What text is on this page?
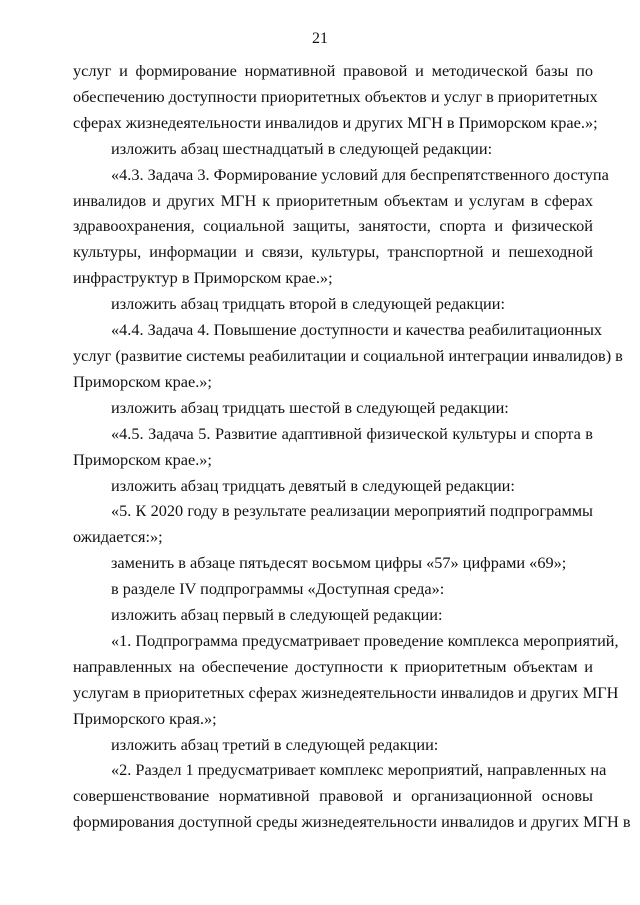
21
услуг и формирование нормативной правовой и методической базы по
обеспечению доступности приоритетных объектов и услуг в приоритетных
сферах жизнедеятельности инвалидов и других МГН в Приморском крае.»;
изложить абзац шестнадцатый в следующей редакции:
«4.3. Задача 3. Формирование условий для беспрепятственного доступа
инвалидов и других МГН к приоритетным объектам и услугам в сферах
здравоохранения, социальной защиты, занятости, спорта и физической
культуры, информации и связи, культуры, транспортной и пешеходной
инфраструктур в Приморском крае.»;
изложить абзац тридцать второй в следующей редакции:
«4.4. Задача 4. Повышение доступности и качества реабилитационных
услуг (развитие системы реабилитации и социальной интеграции инвалидов) в
Приморском крае.»;
изложить абзац тридцать шестой в следующей редакции:
«4.5. Задача 5. Развитие адаптивной физической культуры и спорта в
Приморском крае.»;
изложить абзац тридцать девятый в следующей редакции:
«5. К 2020 году в результате реализации мероприятий подпрограммы
ожидается:»;
заменить в абзаце пятьдесят восьмом цифры «57» цифрами «69»;
в разделе IV подпрограммы «Доступная среда»:
изложить абзац первый в следующей редакции:
«1. Подпрограмма предусматривает проведение комплекса мероприятий,
направленных на обеспечение доступности к приоритетным объектам и
услугам в приоритетных сферах жизнедеятельности инвалидов и других МГН
Приморского края.»;
изложить абзац третий в следующей редакции:
«2. Раздел 1 предусматривает комплекс мероприятий, направленных на
совершенствование нормативной правовой и организационной основы
формирования доступной среды жизнедеятельности инвалидов и других МГН в
